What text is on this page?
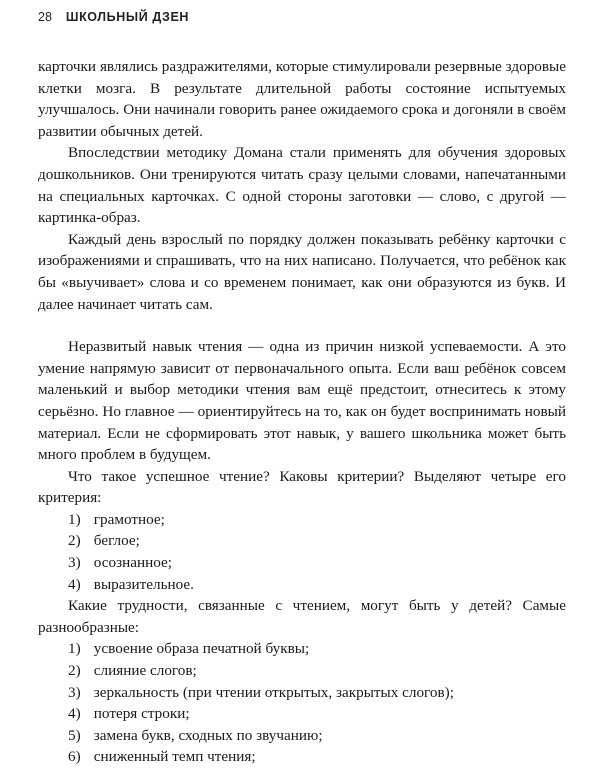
28 ШКОЛЬНЫЙ ДЗЕН

карточки являлись раздражителями, которые стимулировали резервные здоровые клетки мозга. В результате длительной работы состояние испытуемых улучшалось. Они начинали говорить ранее ожидаемого срока и догоняли в своём развитии обычных детей.

Впоследствии методику Домана стали применять для обучения здоровых дошкольников. Они тренируются читать сразу целыми словами, напечатанными на специальных карточках. С одной стороны заготовки — слово, с другой — картинка-образ.

Каждый день взрослый по порядку должен показывать ребёнку карточки с изображениями и спрашивать, что на них написано. Получается, что ребёнок как бы «выучивает» слова и со временем понимает, как они образуются из букв. И далее начинает читать сам.

Неразвитый навык чтения — одна из причин низкой успеваемости. А это умение напрямую зависит от первоначального опыта. Если ваш ребёнок совсем маленький и выбор методики чтения вам ещё предстоит, отнеситесь к этому серьёзно. Но главное — ориентируйтесь на то, как он будет воспринимать новый материал. Если не сформировать этот навык, у вашего школьника может быть много проблем в будущем.

Что такое успешное чтение? Каковы критерии? Выделяют четыре его критерия:

1) грамотное;
2) беглое;
3) осознанное;
4) выразительное.

Какие трудности, связанные с чтением, могут быть у детей? Самые разнообразные:

1) усвоение образа печатной буквы;
2) слияние слогов;
3) зеркальность (при чтении открытых, закрытых слогов);
4) потеря строки;
5) замена букв, сходных по звучанию;
6) сниженный темп чтения;
